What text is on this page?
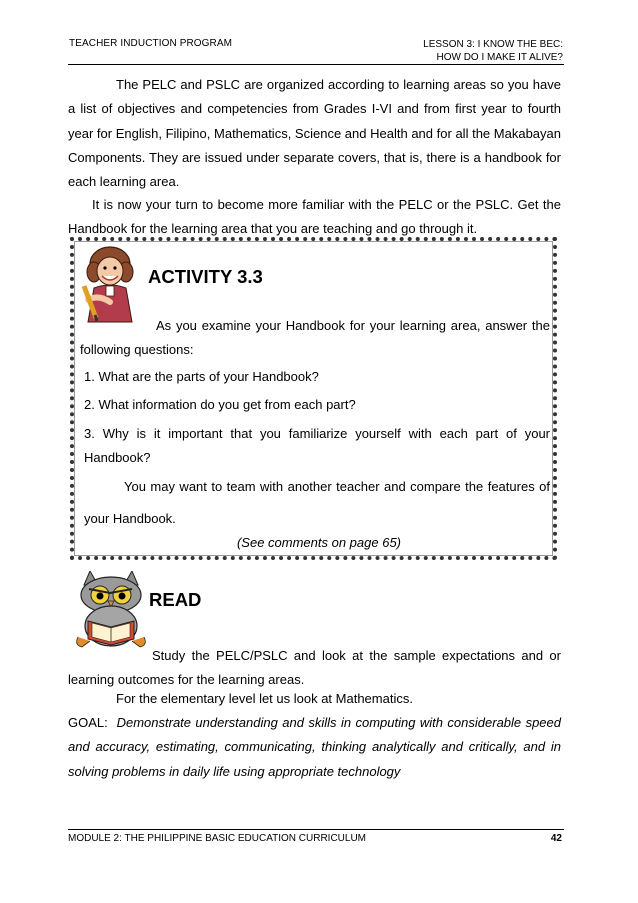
TEACHER INDUCTION PROGRAM	LESSON 3: I KNOW THE BEC:
HOW DO I MAKE IT ALIVE?

The PELC and PSLC are organized according to learning areas so you have a list of objectives and competencies from Grades I-VI and from first year to fourth year for English, Filipino, Mathematics, Science and Health and for all the Makabayan Components. They are issued under separate covers, that is, there is a handbook for each learning area.

It is now your turn to become more familiar with the PELC or the PSLC. Get the Handbook for the learning area that you are teaching and go through it.

ACTIVITY 3.3

As you examine your Handbook for your learning area, answer the following questions:

1. What are the parts of your Handbook?

2. What information do you get from each part?

3. Why is it important that you familiarize yourself with each part of your Handbook?

You may want to team with another teacher and compare the features of your Handbook.

(See comments on page 65)
READ

Study the PELC/PSLC and look at the sample expectations and or learning outcomes for the learning areas.

For the elementary level let us look at Mathematics.

GOAL: Demonstrate understanding and skills in computing with considerable speed and accuracy, estimating, communicating, thinking analytically and critically, and in solving problems in daily life using appropriate technology

MODULE 2: THE PHILIPPINE BASIC EDUCATION CURRICULUM	42
